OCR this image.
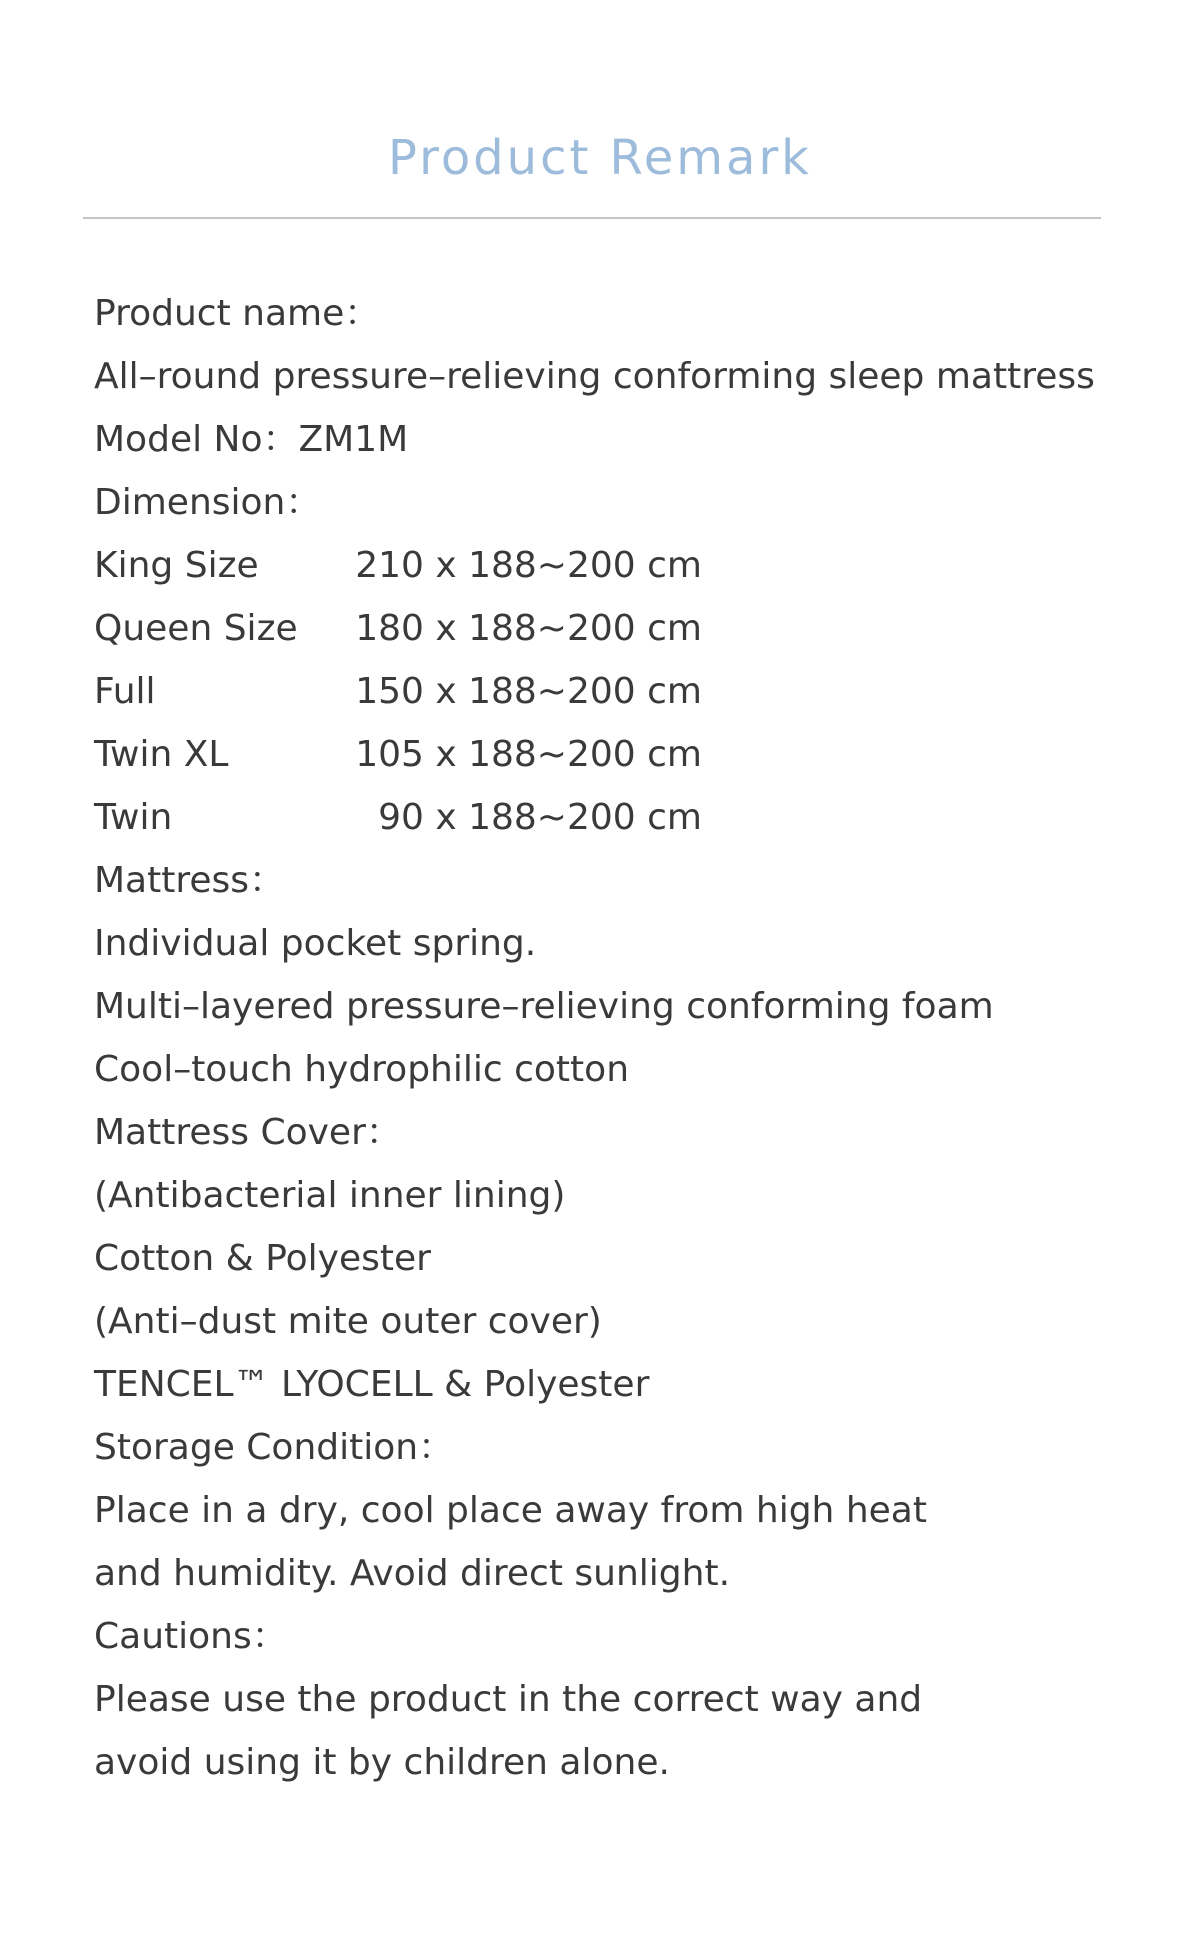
Product Remark
Product name：
All–round pressure–relieving conforming sleep mattress
Model No：ZM1M
Dimension：
King Size	210 x 188~200 cm
Queen Size	180 x 188~200 cm
Full	150 x 188~200 cm
Twin XL	105 x 188~200 cm
Twin	90 x 188~200 cm
Mattress：
Individual pocket spring.
Multi–layered pressure–relieving conforming foam
Cool–touch hydrophilic cotton
Mattress Cover：
(Antibacterial inner lining)
Cotton & Polyester
(Anti–dust mite outer cover)
TENCEL™ LYOCELL & Polyester
Storage Condition：
Place in a dry, cool place away from high heat
and humidity. Avoid direct sunlight.
Cautions：
Please use the product in the correct way and
avoid using it by children alone.
